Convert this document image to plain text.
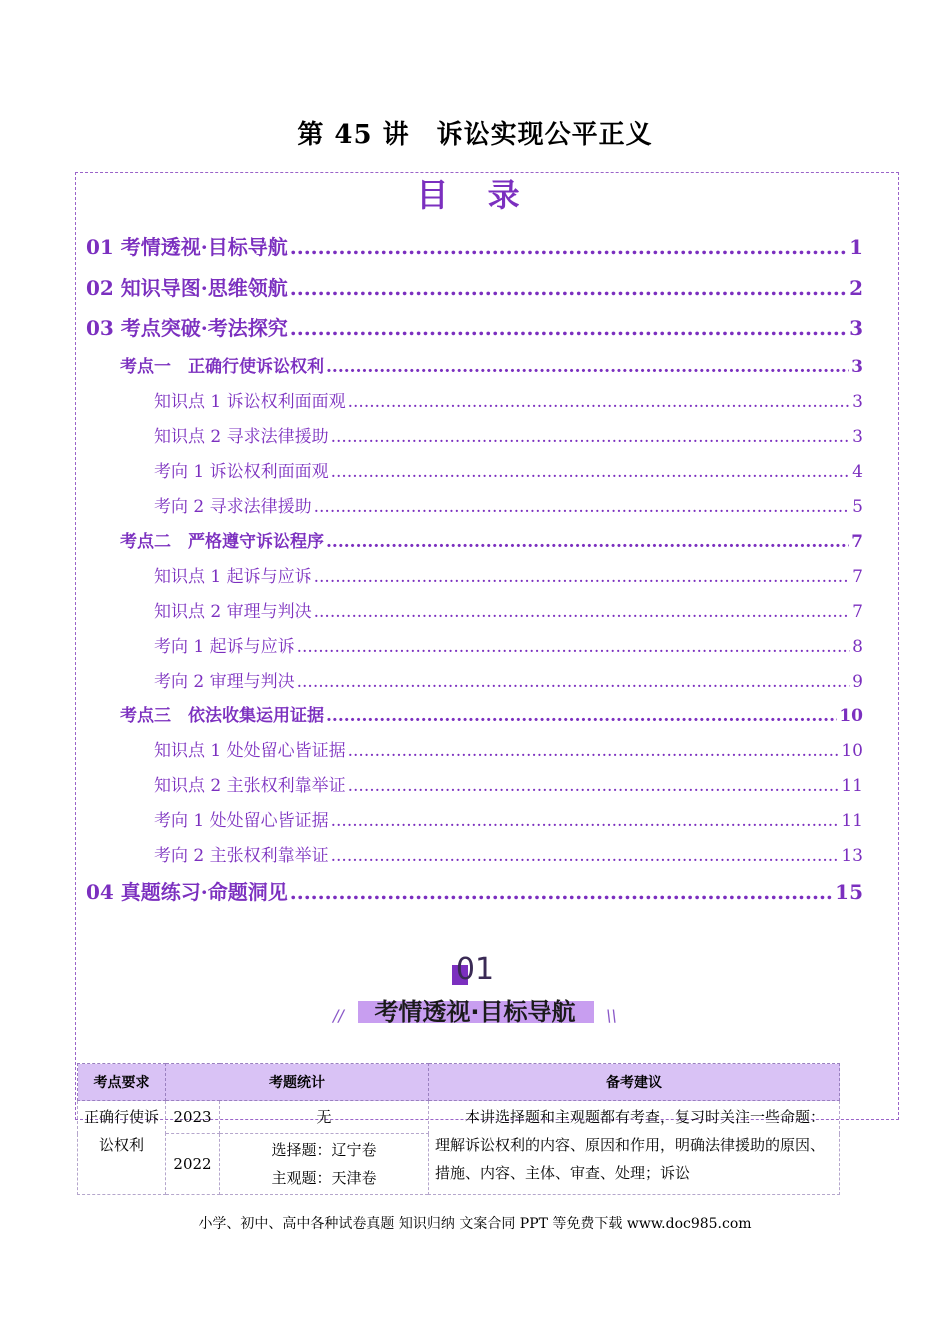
第 45 讲　诉讼实现公平正义
目 录
01 考情透视·目标导航 .....	1
02 知识导图·思维领航 .....	2
03 考点突破·考法探究 .....	3
考点一　正确行使诉讼权利 .....	3
知识点 1 诉讼权利面面观 .....	3
知识点 2 寻求法律援助 .....	3
考向 1 诉讼权利面面观 .....	4
考向 2 寻求法律援助 .....	5
考点二　严格遵守诉讼程序 .....	7
知识点 1 起诉与应诉 .....	7
知识点 2 审理与判决 .....	7
考向 1 起诉与应诉 .....	8
考向 2 审理与判决 .....	9
考点三　依法收集运用证据 .....	10
知识点 1 处处留心皆证据 .....	10
知识点 2 主张权利靠举证 .....	11
考向 1 处处留心皆证据 .....	11
考向 2 主张权利靠举证 .....	13
04 真题练习·命题洞见 .....	15
01
考情透视·目标导航
//	\\
考点要求	考题统计		备考建议
正确行使诉讼权利	2023	无	本讲选择题和主观题都有考查，复习时关注一些命题：理解诉讼权利的内容、原因和作用，明确法律援助的原因、措施、内容、主体、审查、处理；诉讼
	2022	选择题：辽宁卷
主观题：天津卷	
小学、初中、高中各种试卷真题 知识归纳 文案合同 PPT 等免费下载 www.doc985.com
